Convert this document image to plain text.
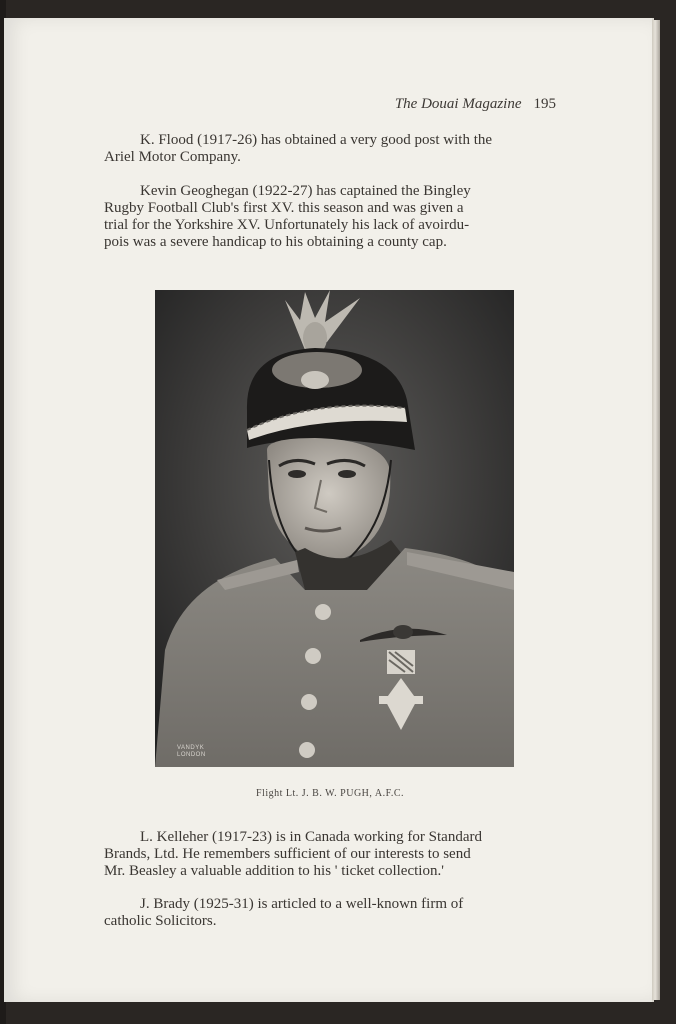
The Douai Magazine 195

K. Flood (1917-26) has obtained a very good post with the
Ariel Motor Company.

Kevin Geoghegan (1922-27) has captained the Bingley
Rugby Football Club's first XV. this season and was given a
trial for the Yorkshire XV. Unfortunately his lack of avoirdu-
pois was a severe handicap to his obtaining a county cap.

VANDYK
LONDON
Flight Lt. J. B. W. PUGH, A.F.C.

L. Kelleher (1917-23) is in Canada working for Standard
Brands, Ltd. He remembers sufficient of our interests to send
Mr. Beasley a valuable addition to his ' ticket collection.'

J. Brady (1925-31) is articled to a well-known firm of
catholic Solicitors.
